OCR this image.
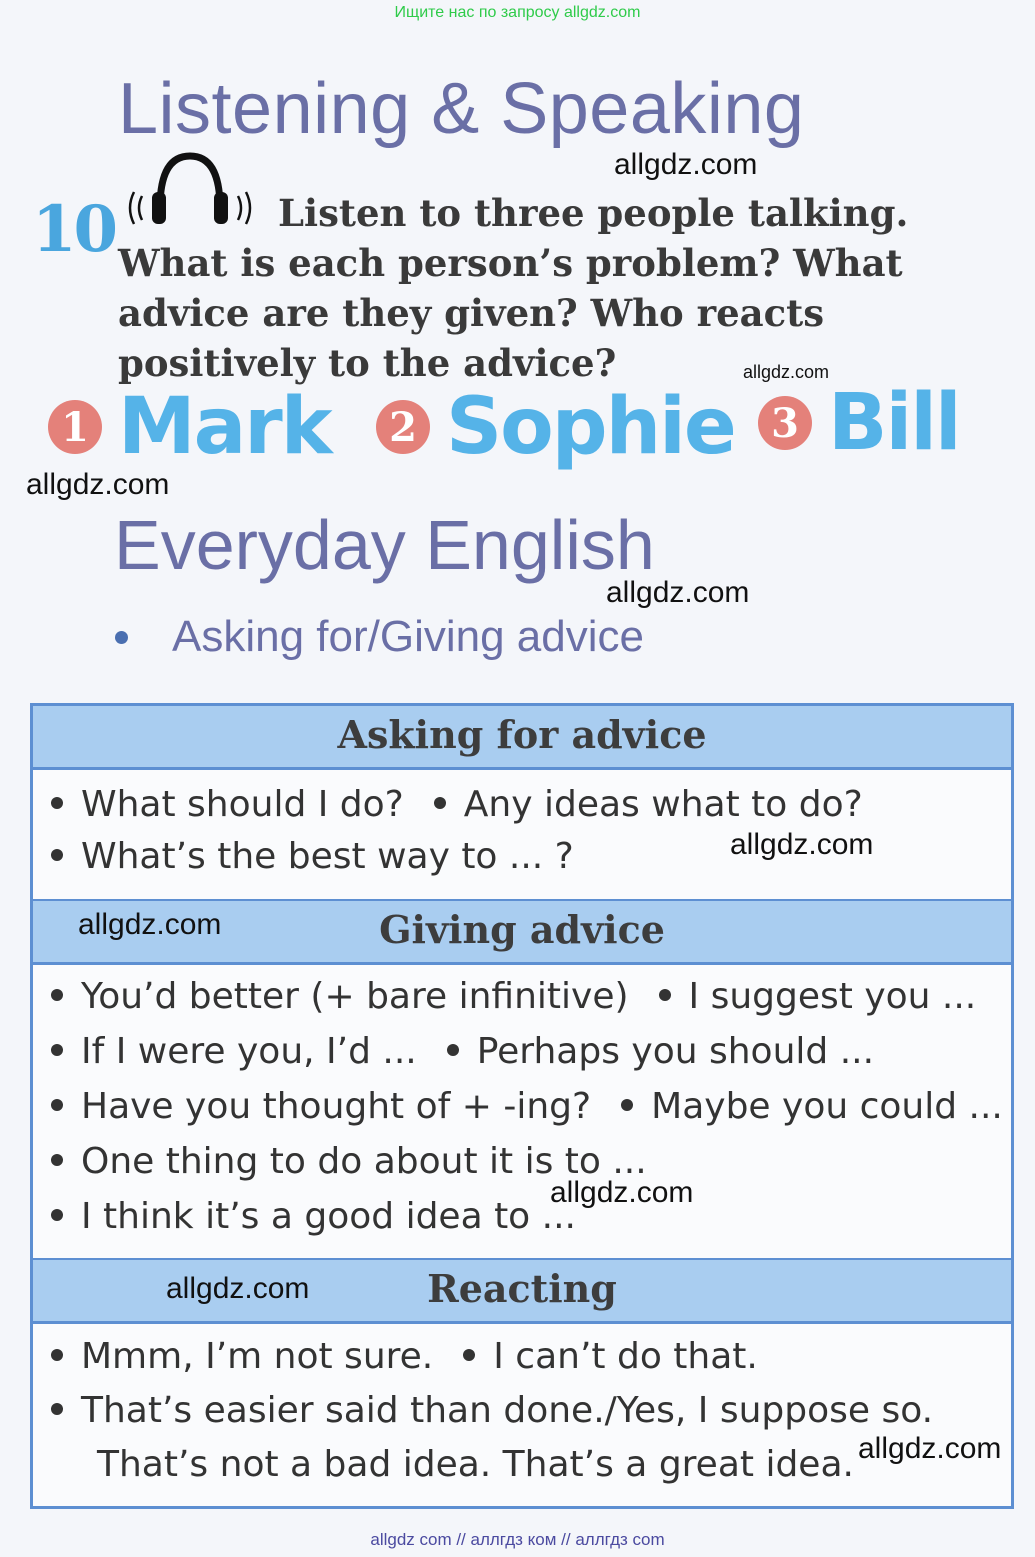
Ищите нас по запросу allgdz.com
Listening & Speaking
10	Listen to three people talking. What is each person’s problem? What advice are they given? Who reacts positively to the advice?
1 Mark	2 Sophie 3 Bill
Everyday English
Asking for/Giving advice
Asking for advice
What should I do? Any ideas what to do?
What’s the best way to ... ?
Giving advice
You’d better (+ bare infinitive) I suggest you ...
If I were you, I’d ... Perhaps you should ...
Have you thought of + -ing? Maybe you could ...
One thing to do about it is to ...
I think it’s a good idea to ...
Reacting
Mmm, I’m not sure. I can’t do that.
That’s easier said than done./Yes, I suppose so.
That’s not a bad idea. That’s a great idea.
allgdz.com
allgdz.com
allgdz.com
allgdz.com
allgdz.com
allgdz.com
allgdz.com
allgdz.com
allgdz.com
allgdz com // аллгдз ком // аллгдз com
